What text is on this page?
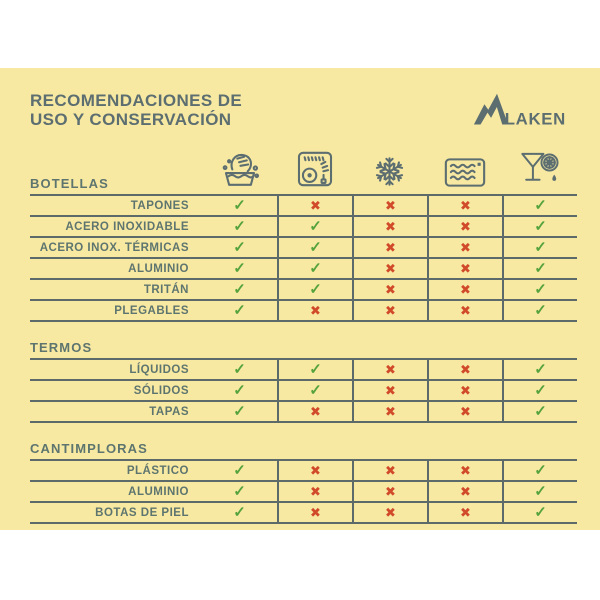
RECOMENDACIONES DE
USO Y CONSERVACIÓN	LAKEN
BOTELLAS
TAPONES	✓	✖	✖	✖	✓
ACERO INOXIDABLE	✓	✓	✖	✖	✓
ACERO INOX. TÉRMICAS	✓	✓	✖	✖	✓
ALUMINIO	✓	✓	✖	✖	✓
TRITÁN	✓	✓	✖	✖	✓
PLEGABLES	✓	✖	✖	✖	✓
TERMOS
LÍQUIDOS	✓	✓	✖	✖	✓
SÓLIDOS	✓	✓	✖	✖	✓
TAPAS	✓	✖	✖	✖	✓
CANTIMPLORAS
PLÁSTICO	✓	✖	✖	✖	✓
ALUMINIO	✓	✖	✖	✖	✓
BOTAS DE PIEL	✓	✖	✖	✖	✓
